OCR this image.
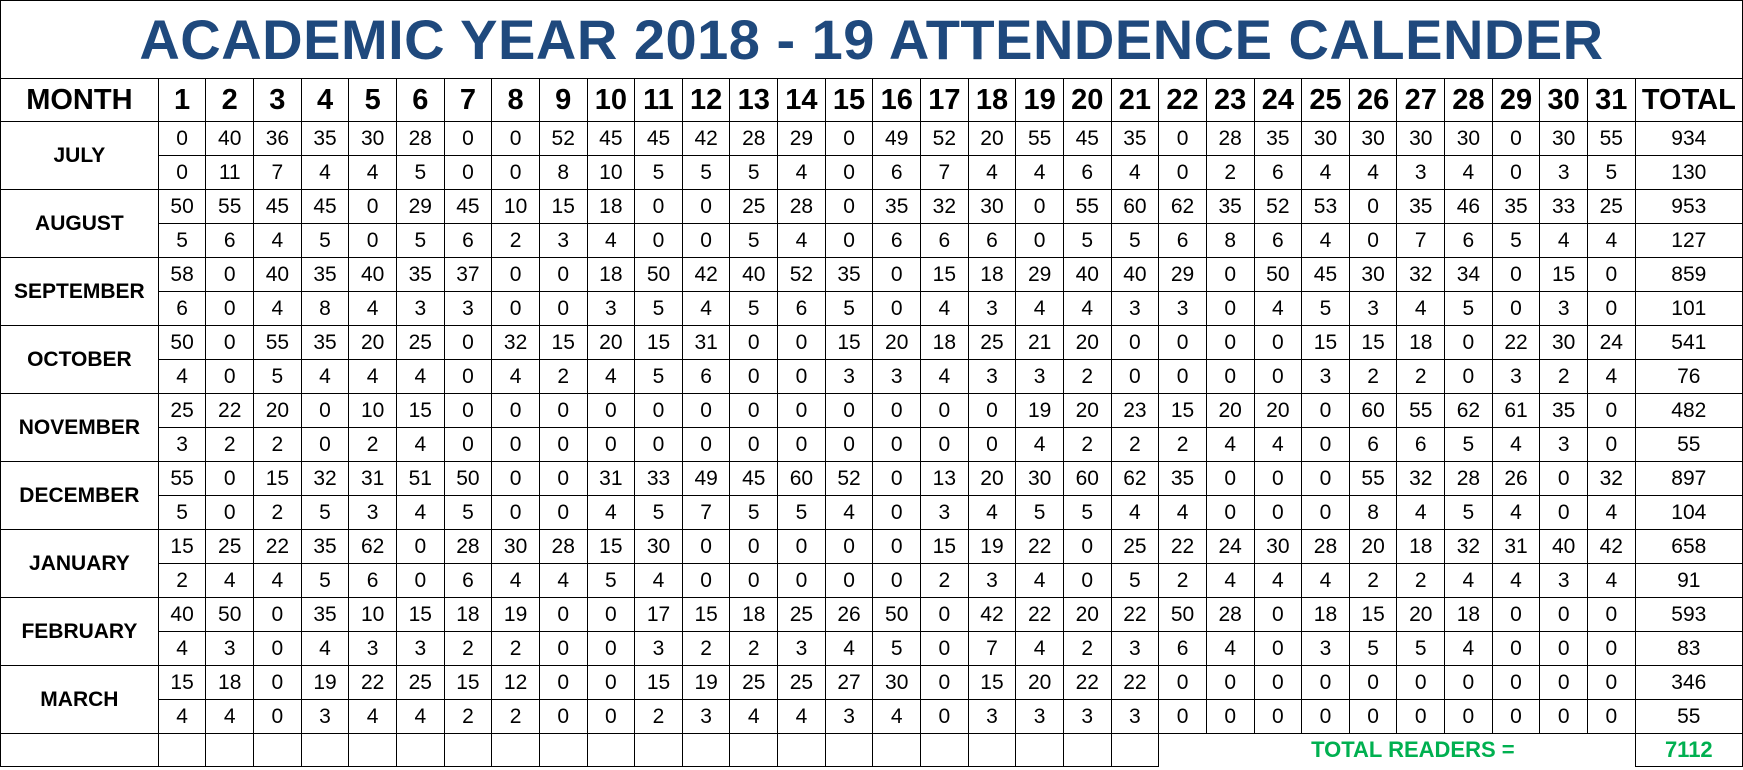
ACADEMIC YEAR 2018 - 19 ATTENDENCE CALENDER
MONTH	1	2	3	4	5	6	7	8	9	10	11	12	13	14	15	16	17	18	19	20	21	22	23	24	25	26	27	28	29	30	31	TOTAL
JULY	0	40	36	35	30	28	0	0	52	45	45	42	28	29	0	49	52	20	55	45	35	0	28	35	30	30	30	30	0	30	55	934
	0	11	7	4	4	5	0	0	8	10	5	5	5	4	0	6	7	4	4	6	4	0	2	6	4	4	3	4	0	3	5	130
AUGUST	50	55	45	45	0	29	45	10	15	18	0	0	25	28	0	35	32	30	0	55	60	62	35	52	53	0	35	46	35	33	25	953
	5	6	4	5	0	5	6	2	3	4	0	0	5	4	0	6	6	6	0	5	5	6	8	6	4	0	7	6	5	4	4	127
SEPTEMBER	58	0	40	35	40	35	37	0	0	18	50	42	40	52	35	0	15	18	29	40	40	29	0	50	45	30	32	34	0	15	0	859
	6	0	4	8	4	3	3	0	0	3	5	4	5	6	5	0	4	3	4	4	3	3	0	4	5	3	4	5	0	3	0	101
OCTOBER	50	0	55	35	20	25	0	32	15	20	15	31	0	0	15	20	18	25	21	20	0	0	0	0	15	15	18	0	22	30	24	541
	4	0	5	4	4	4	0	4	2	4	5	6	0	0	3	3	4	3	3	2	0	0	0	0	3	2	2	0	3	2	4	76
NOVEMBER	25	22	20	0	10	15	0	0	0	0	0	0	0	0	0	0	0	0	19	20	23	15	20	20	0	60	55	62	61	35	0	482
	3	2	2	0	2	4	0	0	0	0	0	0	0	0	0	0	0	0	4	2	2	2	4	4	0	6	6	5	4	3	0	55
DECEMBER	55	0	15	32	31	51	50	0	0	31	33	49	45	60	52	0	13	20	30	60	62	35	0	0	0	55	32	28	26	0	32	897
	5	0	2	5	3	4	5	0	0	4	5	7	5	5	4	0	3	4	5	5	4	4	0	0	0	8	4	5	4	0	4	104
JANUARY	15	25	22	35	62	0	28	30	28	15	30	0	0	0	0	0	15	19	22	0	25	22	24	30	28	20	18	32	31	40	42	658
	2	4	4	5	6	0	6	4	4	5	4	0	0	0	0	0	2	3	4	0	5	2	4	4	4	2	2	4	4	3	4	91
FEBRUARY	40	50	0	35	10	15	18	19	0	0	17	15	18	25	26	50	0	42	22	20	22	50	28	0	18	15	20	18	0	0	0	593
	4	3	0	4	3	3	2	2	0	0	3	2	2	3	4	5	0	7	4	2	3	6	4	0	3	5	5	4	0	0	0	83
MARCH	15	18	0	19	22	25	15	12	0	0	15	19	25	25	27	30	0	15	20	22	22	0	0	0	0	0	0	0	0	0	0	346
	4	4	0	3	4	4	2	2	0	0	2	3	4	4	3	4	0	3	3	3	3	0	0	0	0	0	0	0	0	0	0	55
																						TOTAL READERS =										7112
